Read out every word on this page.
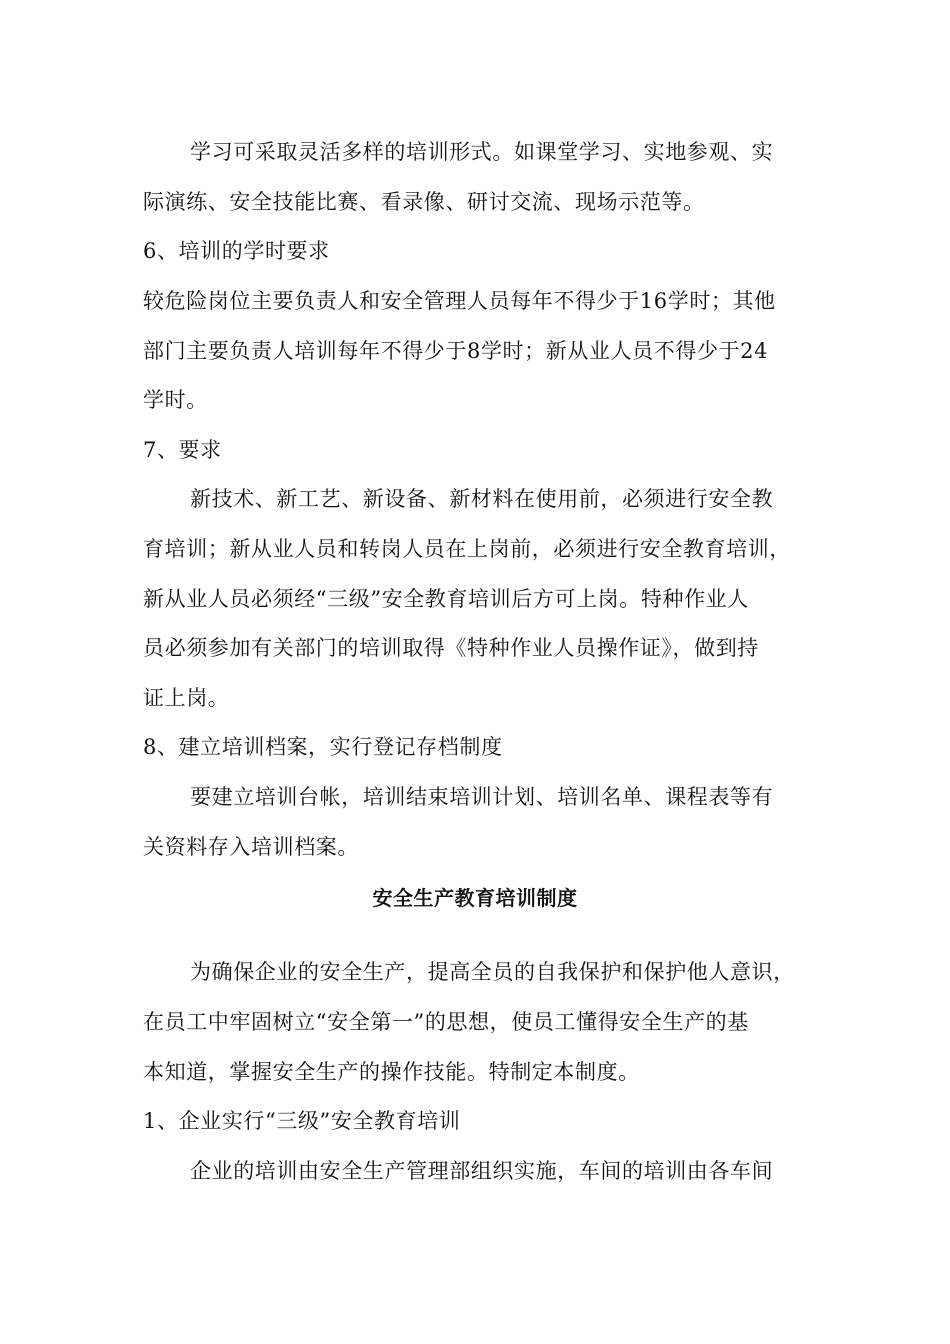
学习可采取灵活多样的培训形式。如课堂学习、实地参观、实
际演练、安全技能比赛、看录像、研讨交流、现场示范等。
6、培训的学时要求
较危险岗位主要负责人和安全管理人员每年不得少于16学时；其他
部门主要负责人培训每年不得少于8学时；新从业人员不得少于24
学时。
7、要求
新技术、新工艺、新设备、新材料在使用前，必须进行安全教
育培训；新从业人员和转岗人员在上岗前，必须进行安全教育培训，
新从业人员必须经“三级”安全教育培训后方可上岗。特种作业人
员必须参加有关部门的培训取得《特种作业人员操作证》，做到持
证上岗。
8、建立培训档案，实行登记存档制度
要建立培训台帐，培训结束培训计划、培训名单、课程表等有
关资料存入培训档案。
安全生产教育培训制度
为确保企业的安全生产，提高全员的自我保护和保护他人意识，
在员工中牢固树立“安全第一”的思想，使员工懂得安全生产的基
本知道，掌握安全生产的操作技能。特制定本制度。
1、企业实行“三级”安全教育培训
企业的培训由安全生产管理部组织实施，车间的培训由各车间
